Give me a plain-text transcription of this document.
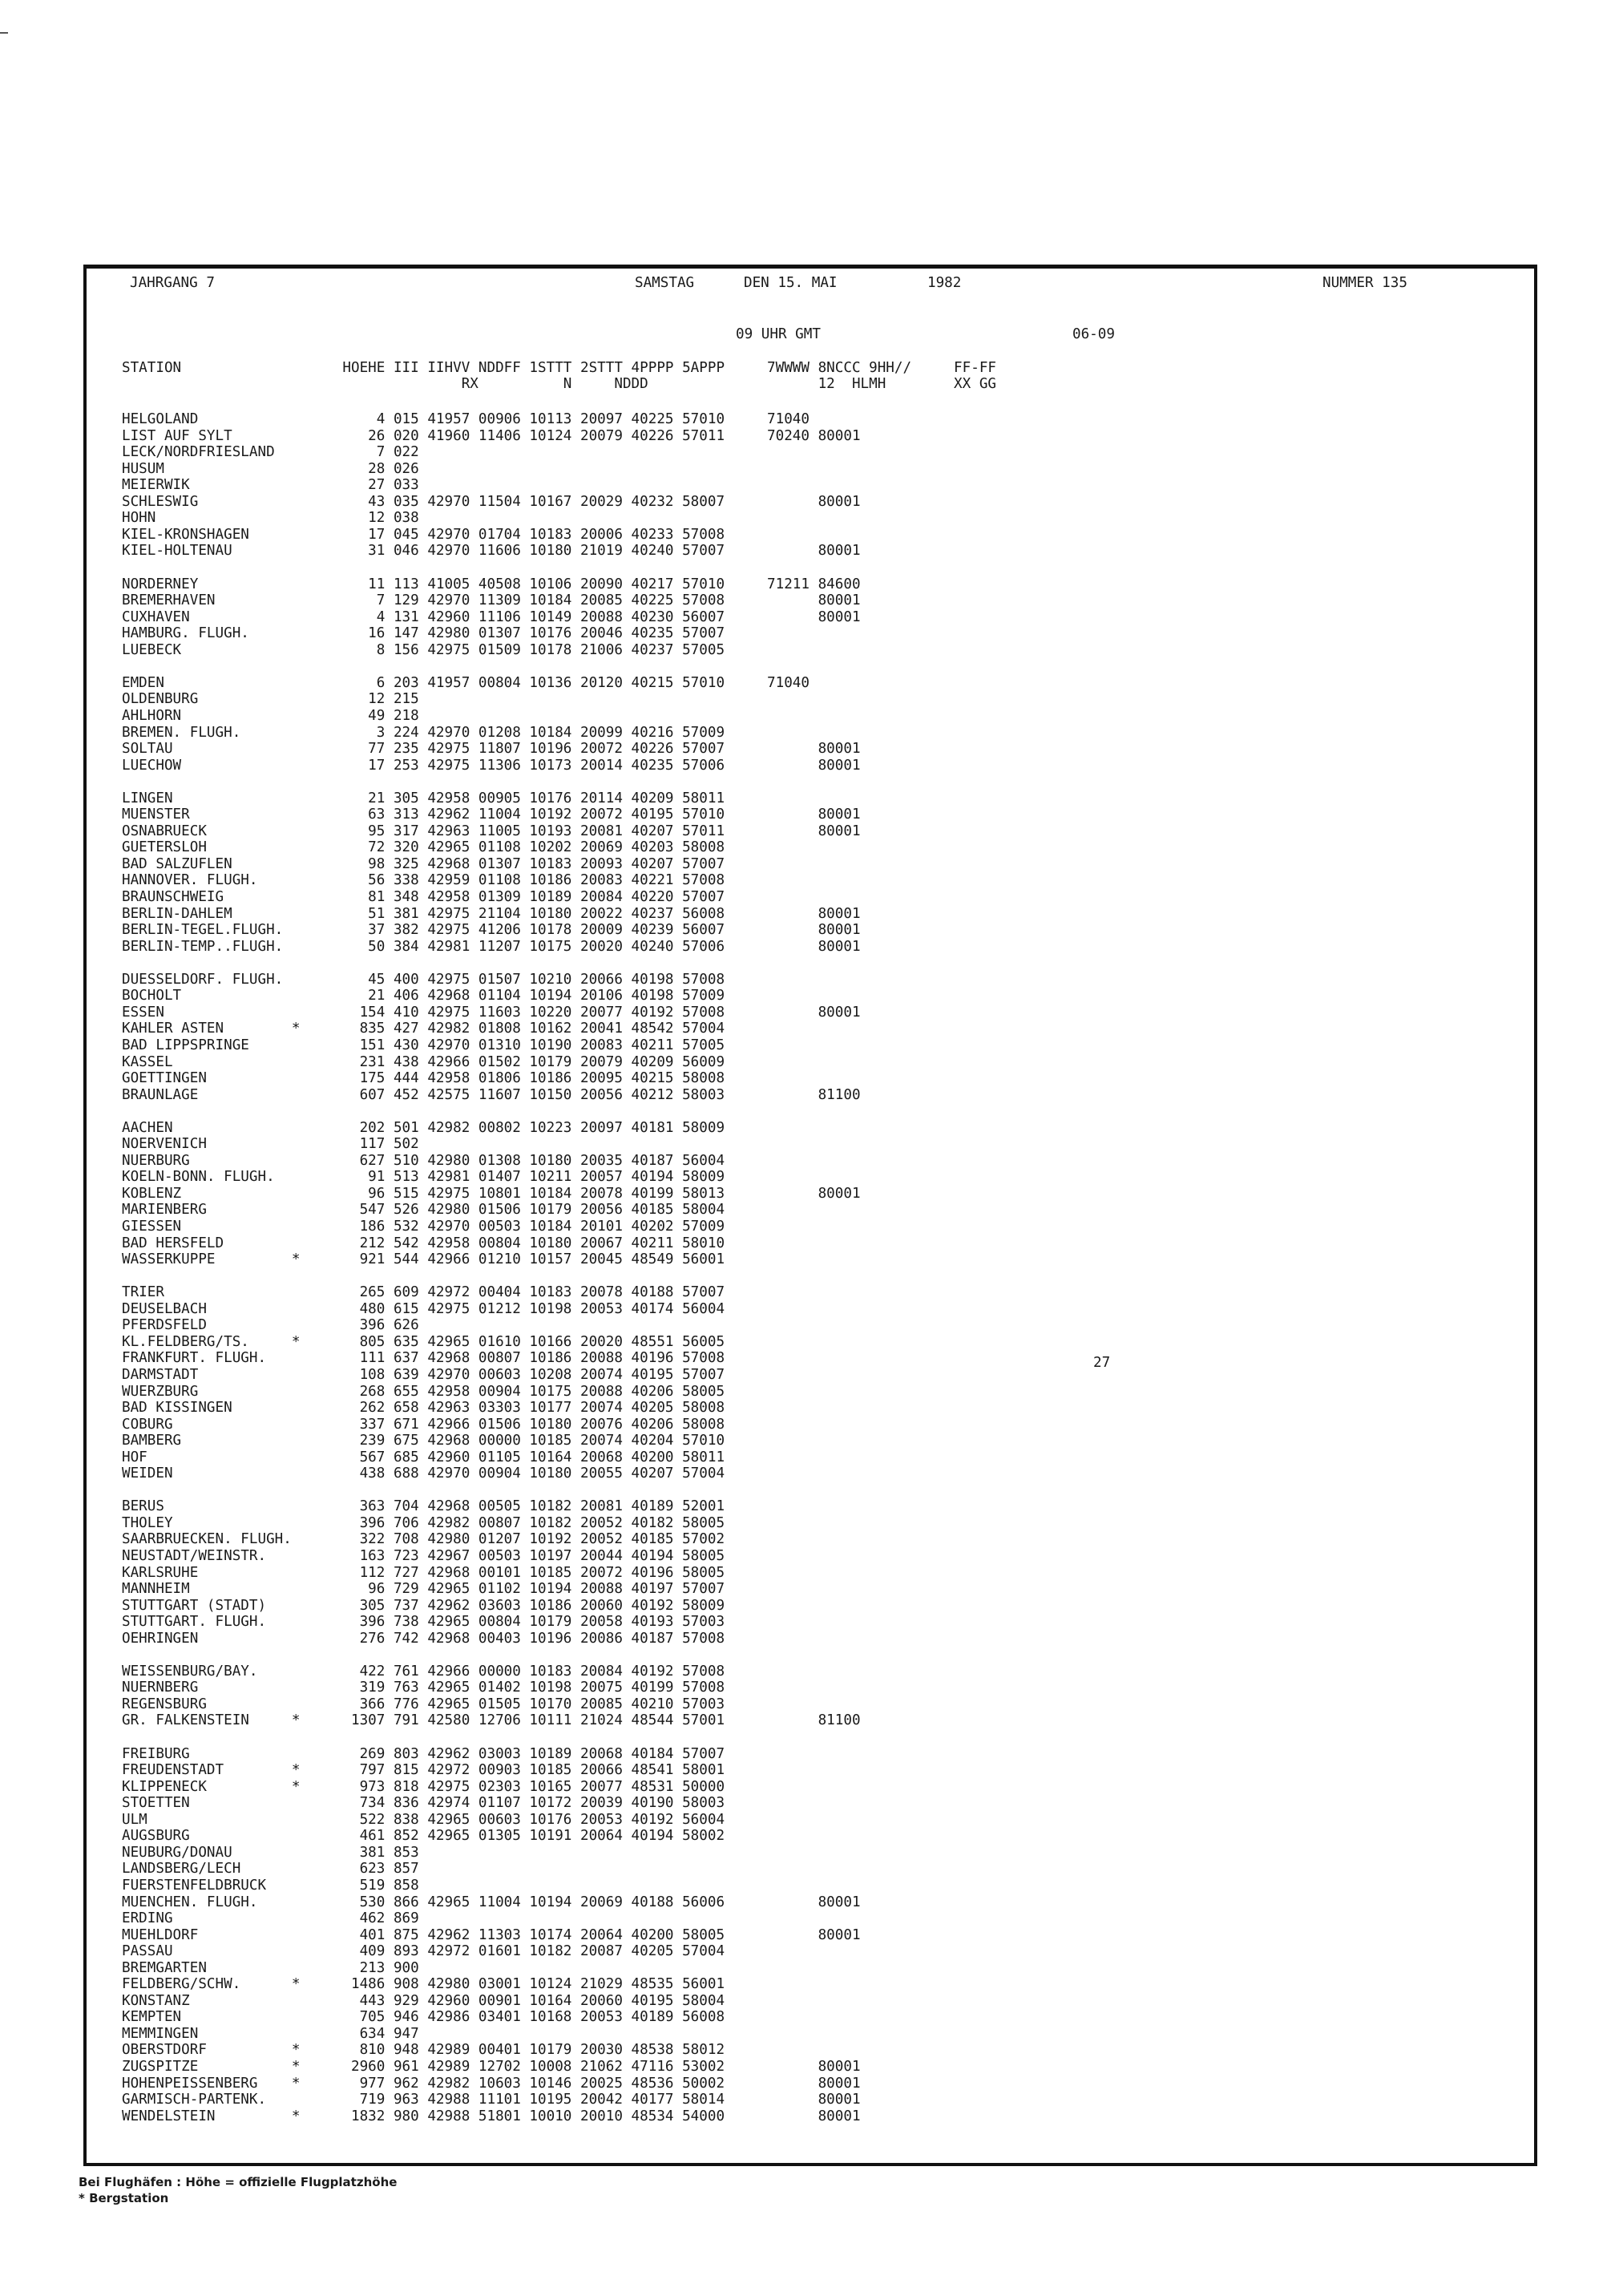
JAHRGANG 7	SAMSTAG	DEN 15. MAI	1982	NUMMER 135
09 UHR GMT	06-09
STATION                   HOEHE III IIHVV NDDFF 1STTT 2STTT 4PPPP 5APPP     7WWWW 8NCCC 9HH//     FF-FF
RX          N     NDDD                    12  HLMH        XX GG
HELGOLAND                     4 015 41957 00906 10113 20097 40225 57010     71040
LIST AUF SYLT                26 020 41960 11406 10124 20079 40226 57011     70240 80001
LECK/NORDFRIESLAND            7 022
HUSUM                        28 026
MEIERWIK                     27 033
SCHLESWIG                    43 035 42970 11504 10167 20029 40232 58007           80001
HOHN                         12 038
KIEL-KRONSHAGEN              17 045 42970 01704 10183 20006 40233 57008
KIEL-HOLTENAU                31 046 42970 11606 10180 21019 40240 57007           80001
NORDERNEY                    11 113 41005 40508 10106 20090 40217 57010     71211 84600
BREMERHAVEN                   7 129 42970 11309 10184 20085 40225 57008           80001
CUXHAVEN                      4 131 42960 11106 10149 20088 40230 56007           80001
HAMBURG. FLUGH.              16 147 42980 01307 10176 20046 40235 57007
LUEBECK                       8 156 42975 01509 10178 21006 40237 57005
EMDEN                         6 203 41957 00804 10136 20120 40215 57010     71040
OLDENBURG                    12 215
AHLHORN                      49 218
BREMEN. FLUGH.                3 224 42970 01208 10184 20099 40216 57009
SOLTAU                       77 235 42975 11807 10196 20072 40226 57007           80001
LUECHOW                      17 253 42975 11306 10173 20014 40235 57006           80001
LINGEN                       21 305 42958 00905 10176 20114 40209 58011
MUENSTER                     63 313 42962 11004 10192 20072 40195 57010           80001
OSNABRUECK                   95 317 42963 11005 10193 20081 40207 57011           80001
GUETERSLOH                   72 320 42965 01108 10202 20069 40203 58008
BAD SALZUFLEN                98 325 42968 01307 10183 20093 40207 57007
HANNOVER. FLUGH.             56 338 42959 01108 10186 20083 40221 57008
BRAUNSCHWEIG                 81 348 42958 01309 10189 20084 40220 57007
BERLIN-DAHLEM                51 381 42975 21104 10180 20022 40237 56008           80001
BERLIN-TEGEL.FLUGH.          37 382 42975 41206 10178 20009 40239 56007           80001
BERLIN-TEMP..FLUGH.          50 384 42981 11207 10175 20020 40240 57006           80001
DUESSELDORF. FLUGH.          45 400 42975 01507 10210 20066 40198 57008
BOCHOLT                      21 406 42968 01104 10194 20106 40198 57009
ESSEN                       154 410 42975 11603 10220 20077 40192 57008           80001
KAHLER ASTEN        *       835 427 42982 01808 10162 20041 48542 57004
BAD LIPPSPRINGE             151 430 42970 01310 10190 20083 40211 57005
KASSEL                      231 438 42966 01502 10179 20079 40209 56009
GOETTINGEN                  175 444 42958 01806 10186 20095 40215 58008
BRAUNLAGE                   607 452 42575 11607 10150 20056 40212 58003           81100
AACHEN                      202 501 42982 00802 10223 20097 40181 58009
NOERVENICH                  117 502
NUERBURG                    627 510 42980 01308 10180 20035 40187 56004
KOELN-BONN. FLUGH.           91 513 42981 01407 10211 20057 40194 58009
KOBLENZ                      96 515 42975 10801 10184 20078 40199 58013           80001
MARIENBERG                  547 526 42980 01506 10179 20056 40185 58004
GIESSEN                     186 532 42970 00503 10184 20101 40202 57009
BAD HERSFELD                212 542 42958 00804 10180 20067 40211 58010
WASSERKUPPE         *       921 544 42966 01210 10157 20045 48549 56001
TRIER                       265 609 42972 00404 10183 20078 40188 57007
DEUSELBACH                  480 615 42975 01212 10198 20053 40174 56004
PFERDSFELD                  396 626
KL.FELDBERG/TS.     *       805 635 42965 01610 10166 20020 48551 56005
FRANKFURT. FLUGH.           111 637 42968 00807 10186 20088 40196 57008
DARMSTADT                   108 639 42970 00603 10208 20074 40195 57007
WUERZBURG                   268 655 42958 00904 10175 20088 40206 58005
BAD KISSINGEN               262 658 42963 03303 10177 20074 40205 58008
COBURG                      337 671 42966 01506 10180 20076 40206 58008
BAMBERG                     239 675 42968 00000 10185 20074 40204 57010
HOF                         567 685 42960 01105 10164 20068 40200 58011
WEIDEN                      438 688 42970 00904 10180 20055 40207 57004
BERUS                       363 704 42968 00505 10182 20081 40189 52001
THOLEY                      396 706 42982 00807 10182 20052 40182 58005
SAARBRUECKEN. FLUGH.        322 708 42980 01207 10192 20052 40185 57002
NEUSTADT/WEINSTR.           163 723 42967 00503 10197 20044 40194 58005
KARLSRUHE                   112 727 42968 00101 10185 20072 40196 58005
MANNHEIM                     96 729 42965 01102 10194 20088 40197 57007
STUTTGART (STADT)           305 737 42962 03603 10186 20060 40192 58009
STUTTGART. FLUGH.           396 738 42965 00804 10179 20058 40193 57003
OEHRINGEN                   276 742 42968 00403 10196 20086 40187 57008
WEISSENBURG/BAY.            422 761 42966 00000 10183 20084 40192 57008
NUERNBERG                   319 763 42965 01402 10198 20075 40199 57008
REGENSBURG                  366 776 42965 01505 10170 20085 40210 57003
GR. FALKENSTEIN     *      1307 791 42580 12706 10111 21024 48544 57001           81100
FREIBURG                    269 803 42962 03003 10189 20068 40184 57007
FREUDENSTADT        *       797 815 42972 00903 10185 20066 48541 58001
KLIPPENECK          *       973 818 42975 02303 10165 20077 48531 50000
STOETTEN                    734 836 42974 01107 10172 20039 40190 58003
ULM                         522 838 42965 00603 10176 20053 40192 56004
AUGSBURG                    461 852 42965 01305 10191 20064 40194 58002
NEUBURG/DONAU               381 853
LANDSBERG/LECH              623 857
FUERSTENFELDBRUCK           519 858
MUENCHEN. FLUGH.            530 866 42965 11004 10194 20069 40188 56006           80001
ERDING                      462 869
MUEHLDORF                   401 875 42962 11303 10174 20064 40200 58005           80001
PASSAU                      409 893 42972 01601 10182 20087 40205 57004
BREMGARTEN                  213 900
FELDBERG/SCHW.      *      1486 908 42980 03001 10124 21029 48535 56001
KONSTANZ                    443 929 42960 00901 10164 20060 40195 58004
KEMPTEN                     705 946 42986 03401 10168 20053 40189 56008
MEMMINGEN                   634 947
OBERSTDORF          *       810 948 42989 00401 10179 20030 48538 58012
ZUGSPITZE           *      2960 961 42989 12702 10008 21062 47116 53002           80001
HOHENPEISSENBERG    *       977 962 42982 10603 10146 20025 48536 50002           80001
GARMISCH-PARTENK.           719 963 42988 11101 10195 20042 40177 58014           80001
WENDELSTEIN         *      1832 980 42988 51801 10010 20010 48534 54000           80001
27
Bei Flughäfen : Höhe = offizielle Flugplatzhöhe
* Bergstation
